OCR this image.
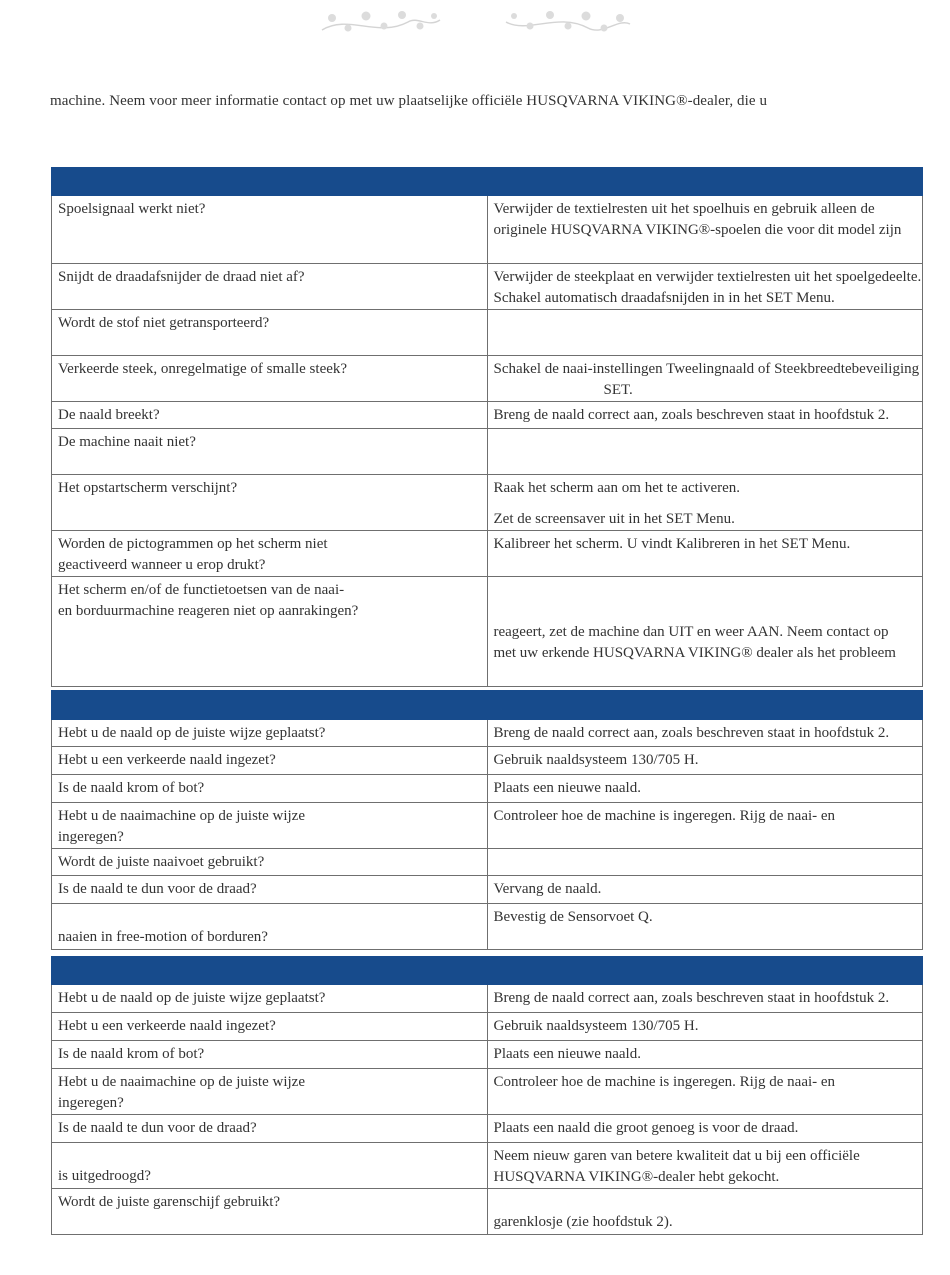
machine. Neem voor meer informatie contact op met uw plaatselijke officiële HUSQVARNA VIKING®-dealer, die u

Spoelsignaal werkt niet?	Verwijder de textielresten uit het spoelhuis en gebruik alleen de
originele HUSQVARNA VIKING®-spoelen die voor dit model zijn

Snijdt de draadafsnijder de draad niet af?	Verwijder de steekplaat en verwijder textielresten uit het spoelgedeelte.
Schakel automatisch draadafsnijden in in het SET Menu.

Wordt de stof niet getransporteerd?	

Verkeerde steek, onregelmatige of smalle steek?	Schakel de naai-instellingen Tweelingnaald of Steekbreedtebeveiliging
SET.

De naald breekt?	Breng de naald correct aan, zoals beschreven staat in hoofdstuk 2.

De machine naait niet?	

Het opstartscherm verschijnt?	Raak het scherm aan om het te activeren.
Zet de screensaver uit in het SET Menu.

Worden de pictogrammen op het scherm niet
geactiveerd wanneer u erop drukt?	Kalibreer het scherm. U vindt Kalibreren in het SET Menu.

Het scherm en/of de functietoetsen van de naai-
en borduurmachine reageren niet op aanrakingen?	reageert, zet de machine dan UIT en weer AAN. Neem contact op
met uw erkende HUSQVARNA VIKING® dealer als het probleem

Hebt u de naald op de juiste wijze geplaatst?	Breng de naald correct aan, zoals beschreven staat in hoofdstuk 2.

Hebt u een verkeerde naald ingezet?	Gebruik naaldsysteem 130/705 H.

Is de naald krom of bot?	Plaats een nieuwe naald.

Hebt u de naaimachine op de juiste wijze
ingeregen?	Controleer hoe de machine is ingeregen. Rijg de naai- en

Wordt de juiste naaivoet gebruikt?	

Is de naald te dun voor de draad?	Vervang de naald.

naaien in free-motion of borduren?	Bevestig de Sensorvoet Q.

Hebt u de naald op de juiste wijze geplaatst?	Breng de naald correct aan, zoals beschreven staat in hoofdstuk 2.

Hebt u een verkeerde naald ingezet?	Gebruik naaldsysteem 130/705 H.

Is de naald krom of bot?	Plaats een nieuwe naald.

Hebt u de naaimachine op de juiste wijze
ingeregen?	Controleer hoe de machine is ingeregen. Rijg de naai- en

Is de naald te dun voor de draad?	Plaats een naald die groot genoeg is voor de draad.

is uitgedroogd?	Neem nieuw garen van betere kwaliteit dat u bij een officiële
HUSQVARNA VIKING®-dealer hebt gekocht.

Wordt de juiste garenschijf gebruikt?	garenklosje (zie hoofdstuk 2).
